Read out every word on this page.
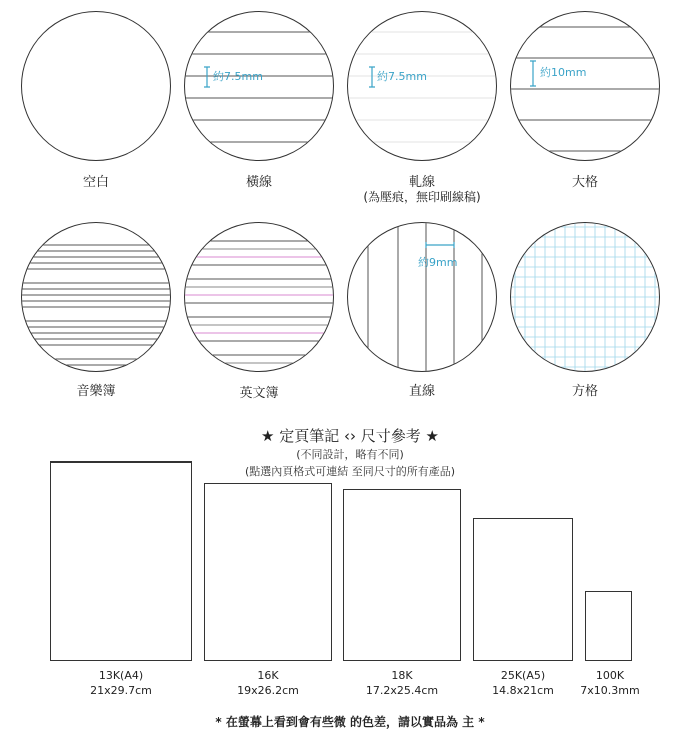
空白
約7.5mm
橫線
約7.5mm
軋線
(為壓痕，無印刷線稿)
約10mm
大格
音樂簿	英文簿
約9mm
直線	方格
★ 定頁筆記 ‹› 尺寸參考 ★
(不同設計，略有不同)
(點選內頁格式可連結 至同尺寸的所有產品)
13K(A4)
21x29.7cm
16K
19x26.2cm
18K
17.2x25.4cm
25K(A5)
14.8x21cm
100K
7x10.3mm
* 在螢幕上看到會有些微 的色差，請以實品為 主 *
